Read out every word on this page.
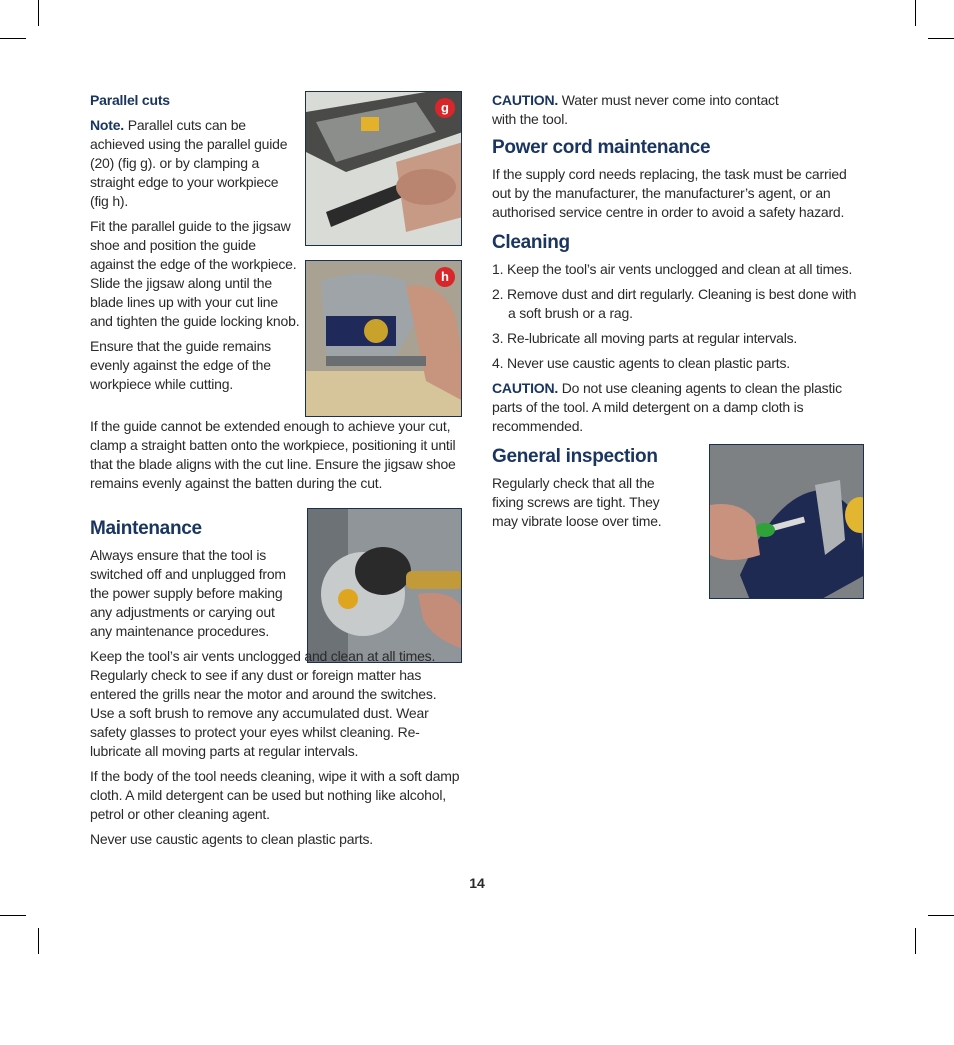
g
h
Parallel cuts

Note. Parallel cuts can be achieved using the parallel guide (20) (fig g). or by clamping a straight edge to your workpiece (fig h).

Fit the parallel guide to the jigsaw shoe and position the guide against the edge of the workpiece. Slide the jigsaw along until the blade lines up with your cut line and tighten the guide locking knob.

Ensure that the guide remains evenly against the edge of the workpiece while cutting.

If the guide cannot be extended enough to achieve your cut, clamp a straight batten onto the workpiece, positioning it until that the blade aligns with the cut line. Ensure the jigsaw shoe remains evenly against the batten during the cut.

Maintenance

Always ensure that the tool is switched off and unplugged from the power supply before making any adjustments or carying out any maintenance procedures.

Keep the tool’s air vents unclogged and clean at all times. Regularly check to see if any dust or foreign matter has entered the grills near the motor and around the switches. Use a soft brush to remove any accumulated dust. Wear safety glasses to protect your eyes whilst cleaning. Re-lubricate all moving parts at regular intervals.

If the body of the tool needs cleaning, wipe it with a soft damp cloth. A mild detergent can be used but nothing like alcohol, petrol or other cleaning agent.

Never use caustic agents to clean plastic parts.

CAUTION. Water must never come into contact with the tool.

Power cord maintenance

If the supply cord needs replacing, the task must be carried out by the manufacturer, the manufacturer’s agent, or an authorised service centre in order to avoid a safety hazard.

Cleaning
1. Keep the tool’s air vents unclogged and clean at all times.
2. Remove dust and dirt regularly. Cleaning is best done with a soft brush or a rag.
3. Re-lubricate all moving parts at regular intervals.
4. Never use caustic agents to clean plastic parts.

CAUTION. Do not use cleaning agents to clean the plastic parts of the tool. A mild detergent on a damp cloth is recommended.

General inspection

Regularly check that all the fixing screws are tight. They may vibrate loose over time.

14
